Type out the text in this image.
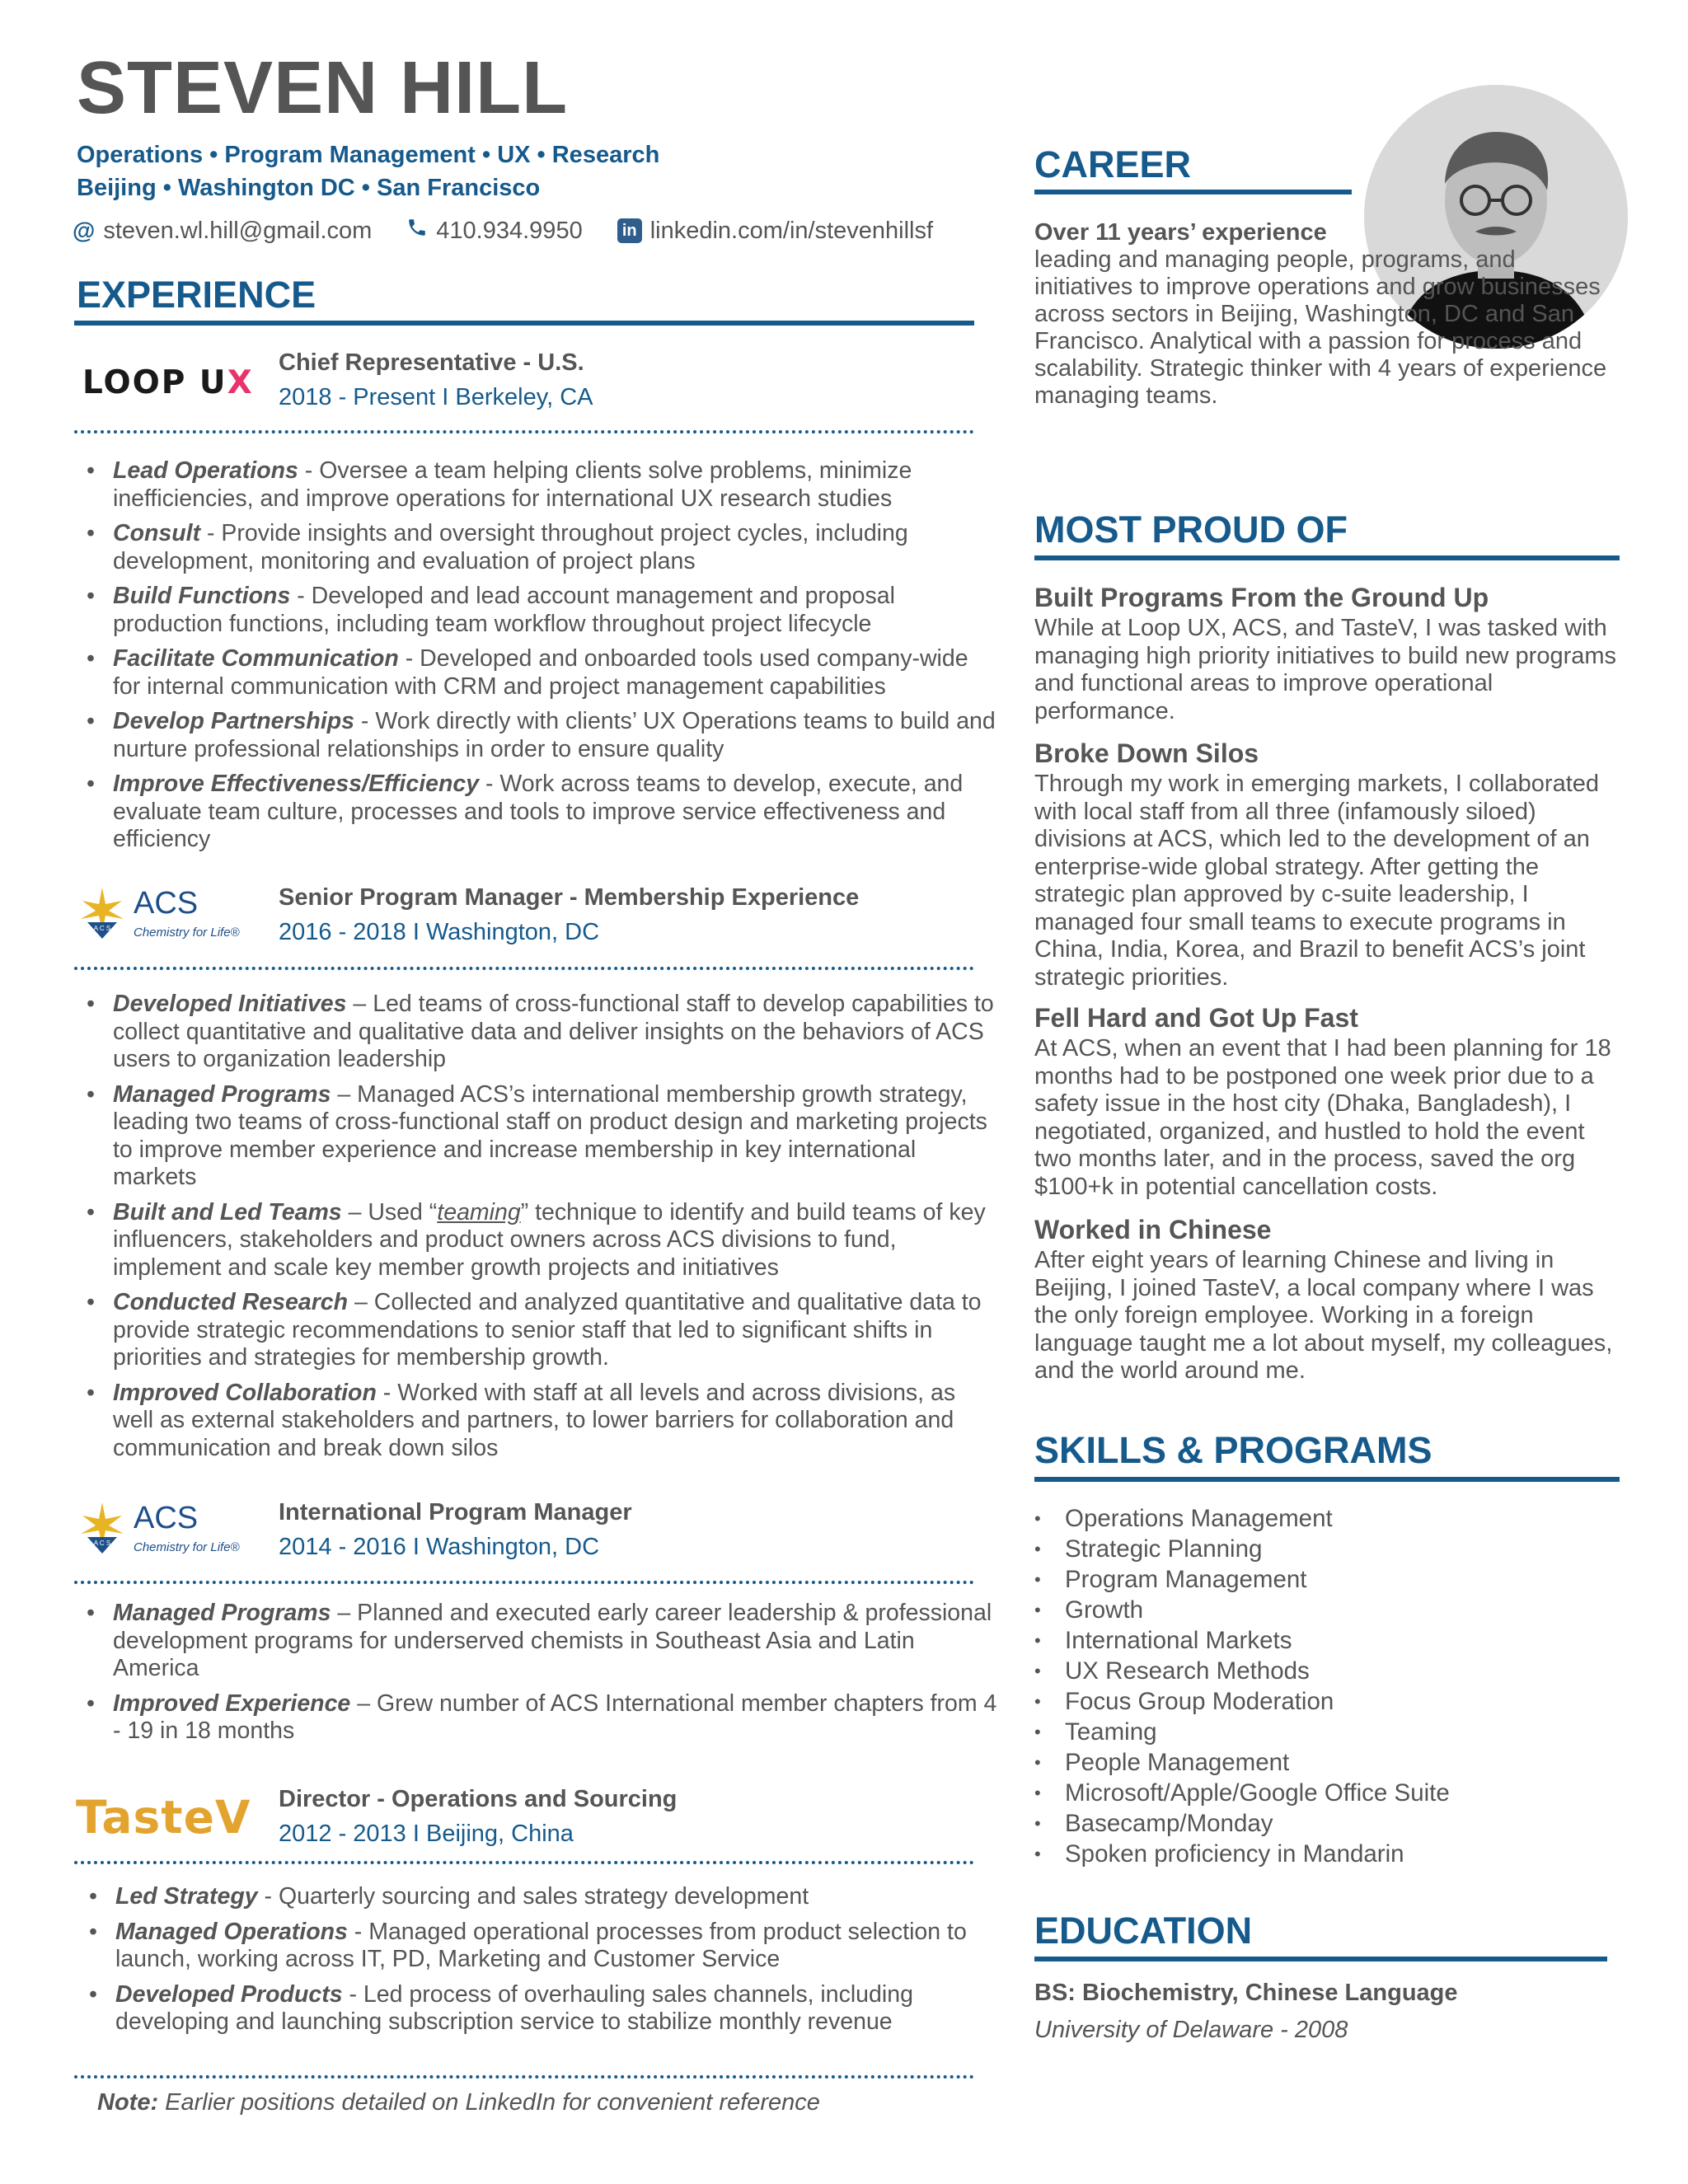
STEVEN HILL
Operations • Program Management • UX • Research
Beijing • Washington DC • San Francisco
@ steven.wl.hill@gmail.com	410.934.9950	in linkedin.com/in/stevenhillsf
EXPERIENCE
LOOP UX
Chief Representative - U.S.
2018 - Present I Berkeley, CA
• Lead Operations - Oversee a team helping clients solve problems, minimize inefficiencies, and improve operations for international UX research studies
• Consult - Provide insights and oversight throughout project cycles, including development, monitoring and evaluation of project plans
• Build Functions - Developed and lead account management and proposal production functions, including team workflow throughout project lifecycle
• Facilitate Communication - Developed and onboarded tools used company-wide for internal communication with CRM and project management capabilities
• Develop Partnerships - Work directly with clients’ UX Operations teams to build and nurture professional relationships in order to ensure quality
• Improve Effectiveness/Efficiency - Work across teams to develop, execute, and evaluate team culture, processes and tools to improve service effectiveness and efficiency
A C S
ACS
Chemistry for Life®
Senior Program Manager - Membership Experience
2016 - 2018 I Washington, DC
• Developed Initiatives – Led teams of cross-functional staff to develop capabilities to collect quantitative and qualitative data and deliver insights on the behaviors of ACS users to organization leadership
• Managed Programs – Managed ACS’s international membership growth strategy, leading two teams of cross-functional staff on product design and marketing projects to improve member experience and increase membership in key international markets
• Built and Led Teams – Used “teaming” technique to identify and build teams of key influencers, stakeholders and product owners across ACS divisions to fund, implement and scale key member growth projects and initiatives
• Conducted Research – Collected and analyzed quantitative and qualitative data to provide strategic recommendations to senior staff that led to significant shifts in priorities and strategies for membership growth.
• Improved Collaboration - Worked with staff at all levels and across divisions, as well as external stakeholders and partners, to lower barriers for collaboration and communication and break down silos
A C S
ACS
Chemistry for Life®
International Program Manager
2014 - 2016 I Washington, DC
• Managed Programs – Planned and executed early career leadership & professional development programs for underserved chemists in Southeast Asia and Latin America
• Improved Experience – Grew number of ACS International member chapters from 4 - 19 in 18 months
TasteV Director - Operations and Sourcing
2012 - 2013 I Beijing, China
• Led Strategy - Quarterly sourcing and sales strategy development
• Managed Operations - Managed operational processes from product selection to launch, working across IT, PD, Marketing and Customer Service
• Developed Products - Led process of overhauling sales channels, including developing and launching subscription service to stabilize monthly revenue
Note: Earlier positions detailed on LinkedIn for convenient reference
CAREER
Over 11 years’ experience
leading and managing people, programs, and initiatives to improve operations and grow businesses across sectors in Beijing, Washington, DC and San Francisco. Analytical with a passion for process and scalability. Strategic thinker with 4 years of experience managing teams.
MOST PROUD OF
Built Programs From the Ground Up
While at Loop UX, ACS, and TasteV, I was tasked with managing high priority initiatives to build new programs and functional areas to improve operational performance.
Broke Down Silos
Through my work in emerging markets, I collaborated with local staff from all three (infamously siloed) divisions at ACS, which led to the development of an enterprise-wide global strategy. After getting the strategic plan approved by c-suite leadership, I managed four small teams to execute programs in China, India, Korea, and Brazil to benefit ACS’s joint strategic priorities.
Fell Hard and Got Up Fast
At ACS, when an event that I had been planning for 18 months had to be postponed one week prior due to a safety issue in the host city (Dhaka, Bangladesh), I negotiated, organized, and hustled to hold the event two months later, and in the process, saved the org $100+k in potential cancellation costs.
Worked in Chinese
After eight years of learning Chinese and living in Beijing, I joined TasteV, a local company where I was the only foreign employee. Working in a foreign language taught me a lot about myself, my colleagues, and the world around me.
SKILLS & PROGRAMS
• Operations Management
• Strategic Planning
• Program Management
• Growth
• International Markets
• UX Research Methods
• Focus Group Moderation
• Teaming
• People Management
• Microsoft/Apple/Google Office Suite
• Basecamp/Monday
• Spoken proficiency in Mandarin
EDUCATION
BS: Biochemistry, Chinese Language
University of Delaware - 2008
